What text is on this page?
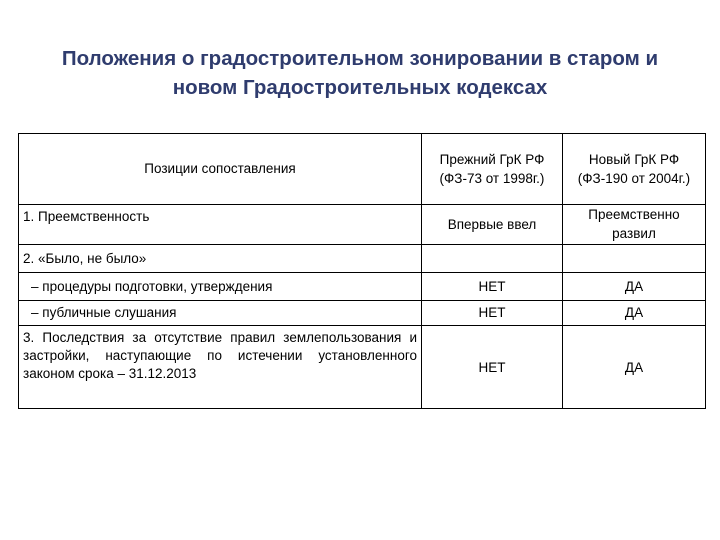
Положения о градостроительном зонировании в старом и
новом Градостроительных кодексах
Позиции сопоставления	Прежний ГрК РФ (ФЗ-73 от 1998г.)	Новый ГрК РФ (ФЗ-190 от 2004г.)
1. Преемственность	Впервые ввел	Преемственно развил
2. «Было, не было»		
– процедуры подготовки, утверждения	НЕТ	ДА
– публичные слушания	НЕТ	ДА
3. Последствия за отсутствие правил землепользования и застройки, наступающие по истечении установленного законом срока – 31.12.2013	НЕТ	ДА
